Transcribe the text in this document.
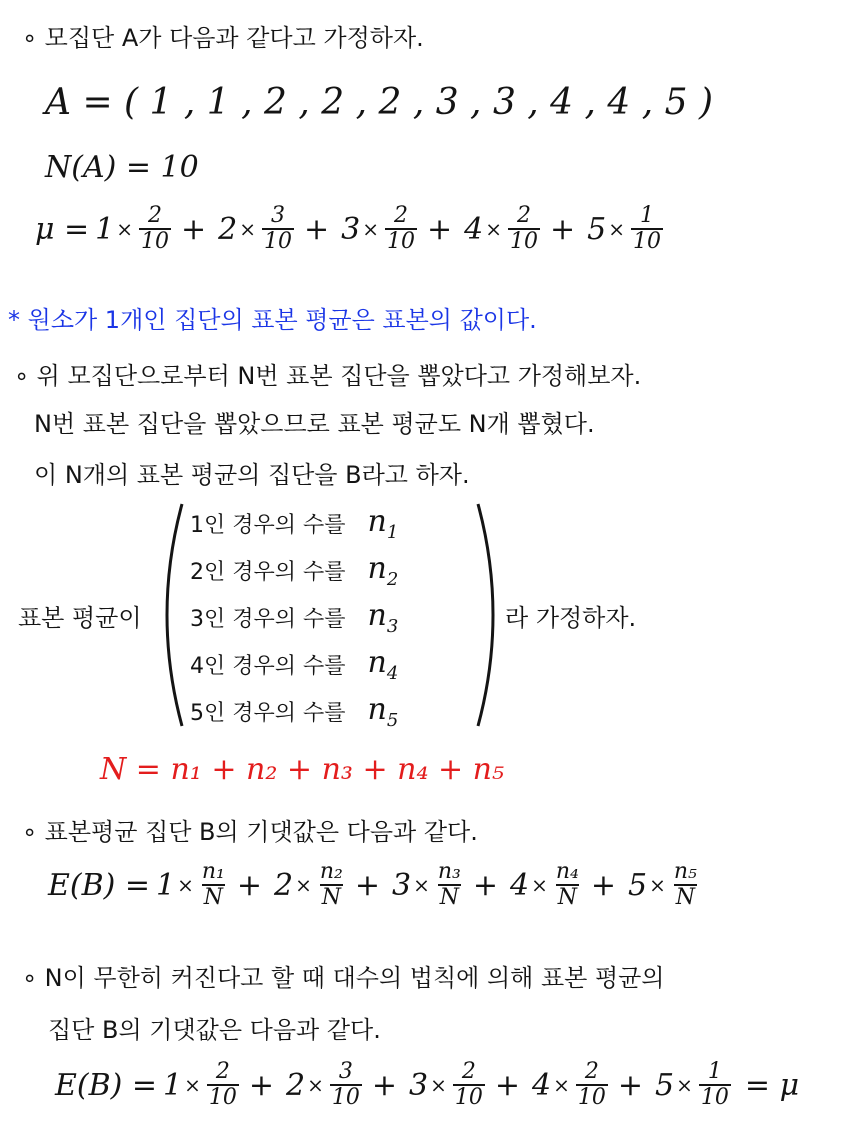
∘ 모집단 A가 다음과 같다고 가정하자.
A = ( 1 , 1 , 2 , 2 , 2 , 3 , 3 , 4 , 4 , 5 )
N(A) = 10
$\mu = 1 \times \frac{2}{10} + 2 \times \frac{3}{10} + 3 \times \frac{2}{10} + 4 \times \frac{2}{10} + 5 \times \frac{1}{10}$
* 원소가 1개인 집단의 표본 평균은 표본의 값이다.
∘ 위 모집단으로부터 N번 표본 집단을 뽑았다고 가정해보자.
N번 표본 집단을 뽑았으므로 표본 평균도 N개 뽑혔다.
이 N개의 표본 평균의 집단을 B라고 하자.
표본 평균이
1인 경우의 수를 $n_1$
2인 경우의 수를 $n_2$
3인 경우의 수를 $n_3$
4인 경우의 수를 $n_4$
5인 경우의 수를 $n_5$
라 가정하자.
N = n₁ + n₂ + n₃ + n₄ + n₅
∘ 표본평균 집단 B의 기댓값은 다음과 같다.
$E(B) = 1 \times \frac{\text{n₁}}{N} + 2 \times \frac{\text{n₂}}{N} + 3 \times \frac{\text{n₃}}{N} + 4 \times \frac{\text{n₄}}{N} + 5 \times \frac{\text{n₅}}{N}$
∘ N이 무한히 커진다고 할 때 대수의 법칙에 의해 표본 평균의
집단 B의 기댓값은 다음과 같다.
$E(B) = 1 \times \frac{2}{10} + 2 \times \frac{3}{10} + 3 \times \frac{2}{10} + 4 \times \frac{2}{10} + 5 \times \frac{1}{10} = \mu$
